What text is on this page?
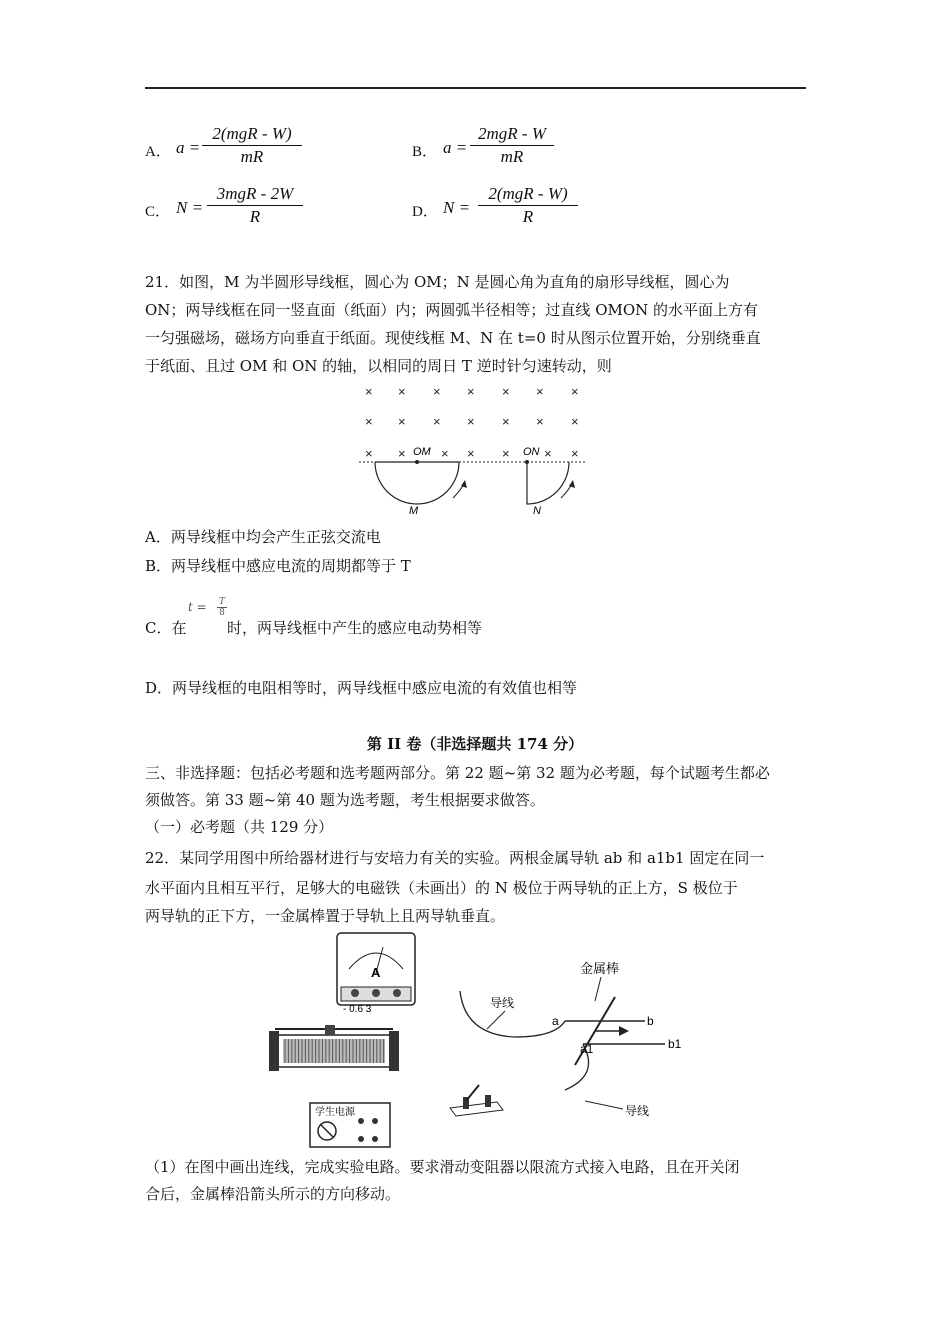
A． a =
2(mgR - W)
mR	B． a =
2mgR - W
mR
C． N =
3mgR - 2W
R	D． N =
2(mgR - W)
R
21．如图，M 为半圆形导线框，圆心为 OM；N 是圆心角为直角的扇形导线框，圆心为
ON；两导线框在同一竖直面（纸面）内；两圆弧半径相等；过直线 OMON 的水平面上方有
一匀强磁场，磁场方向垂直于纸面。现使线框 M、N 在 t=0 时从图示位置开始，分别绕垂直
于纸面、且过 OM 和 ON 的轴，以相同的周日 T 逆时针匀速转动，则
× × × × × × ×
× × × × × × ×
× ×	× × ×	× ×
OM	ON
M	N
A．两导线框中均会产生正弦交流电
B．两导线框中感应电流的周期都等于 T
C．在
t = T
8
时，两导线框中产生的感应电动势相等
D．两导线框的电阻相等时，两导线框中感应电流的有效值也相等
第 II 卷（非选择题共 174 分）
三、非选择题：包括必考题和选考题两部分。第 22 题~第 32 题为必考题，每个试题考生都必
须做答。第 33 题~第 40 题为选考题，考生根据要求做答。
（一）必考题（共 129 分）
22．某同学用图中所给器材进行与安培力有关的实验。两根金属导轨 ab 和 a1b1 固定在同一
水平面内且相互平行，足够大的电磁铁（未画出）的 N 极位于两导轨的正上方，S 极位于
两导轨的正下方，一金属棒置于导轨上且两导轨垂直。
A
- 0.6 3
学生电源
a	b
a1	b1
金属棒
导线
导线
（1）在图中画出连线，完成实验电路。要求滑动变阻器以限流方式接入电路，且在开关闭
合后，金属棒沿箭头所示的方向移动。
